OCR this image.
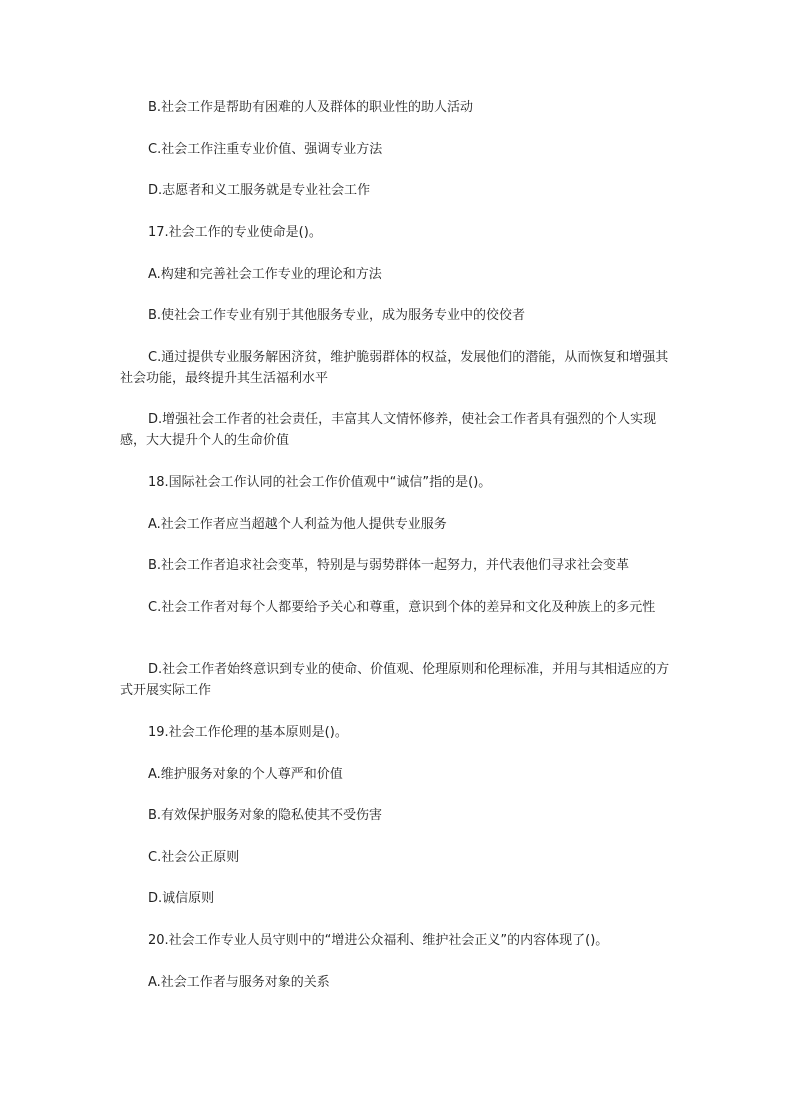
B.社会工作是帮助有困难的人及群体的职业性的助人活动

C.社会工作注重专业价值、强调专业方法

D.志愿者和义工服务就是专业社会工作

17.社会工作的专业使命是()。

A.构建和完善社会工作专业的理论和方法

B.使社会工作专业有别于其他服务专业，成为服务专业中的佼佼者

C.通过提供专业服务解困济贫，维护脆弱群体的权益，发展他们的潜能，从而恢复和增强其社会功能，最终提升其生活福利水平

D.增强社会工作者的社会责任，丰富其人文情怀修养，使社会工作者具有强烈的个人实现感，大大提升个人的生命价值

18.国际社会工作认同的社会工作价值观中“诚信”指的是()。

A.社会工作者应当超越个人利益为他人提供专业服务

B.社会工作者追求社会变革，特别是与弱势群体一起努力，并代表他们寻求社会变革

C.社会工作者对每个人都要给予关心和尊重，意识到个体的差异和文化及种族上的多元性

D.社会工作者始终意识到专业的使命、价值观、伦理原则和伦理标准，并用与其相适应的方式开展实际工作

19.社会工作伦理的基本原则是()。

A.维护服务对象的个人尊严和价值

B.有效保护服务对象的隐私使其不受伤害

C.社会公正原则

D.诚信原则

20.社会工作专业人员守则中的“增进公众福利、维护社会正义”的内容体现了()。

A.社会工作者与服务对象的关系
